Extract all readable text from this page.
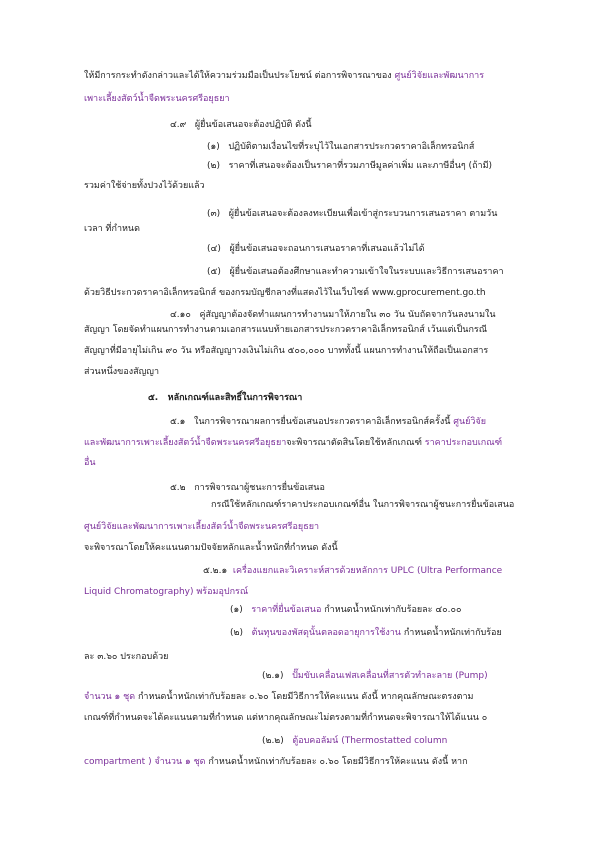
ให้มีการกระทำดังกล่าวและได้ให้ความร่วมมือเป็นประโยชน์ ต่อการพิจารณาของ ศูนย์วิจัยและพัฒนาการ
เพาะเลี้ยงสัตว์น้ำจืดพระนครศรีอยุธยา
๔.๙ ผู้ยื่นข้อเสนอจะต้องปฏิบัติ ดังนี้
(๑) ปฏิบัติตามเงื่อนไขที่ระบุไว้ในเอกสารประกวดราคาอิเล็กทรอนิกส์
(๒) ราคาที่เสนอจะต้องเป็นราคาที่รวมภาษีมูลค่าเพิ่ม และภาษีอื่นๆ (ถ้ามี)
รวมค่าใช้จ่ายทั้งปวงไว้ด้วยแล้ว
(๓) ผู้ยื่นข้อเสนอจะต้องลงทะเบียนเพื่อเข้าสู่กระบวนการเสนอราคา ตามวัน
เวลา ที่กำหนด
(๔) ผู้ยื่นข้อเสนอจะถอนการเสนอราคาที่เสนอแล้วไม่ได้
(๕) ผู้ยื่นข้อเสนอต้องศึกษาและทำความเข้าใจในระบบและวิธีการเสนอราคา
ด้วยวิธีประกวดราคาอิเล็กทรอนิกส์ ของกรมบัญชีกลางที่แสดงไว้ในเว็บไซต์ www.gprocurement.go.th
๔.๑๐ คู่สัญญาต้องจัดทำแผนการทำงานมาให้ภายใน ๓๐ วัน นับถัดจากวันลงนามใน
สัญญา โดยจัดทำแผนการทำงานตามเอกสารแนบท้ายเอกสารประกวดราคาอิเล็กทรอนิกส์ เว้นแต่เป็นกรณี
สัญญาที่มีอายุไม่เกิน ๙๐ วัน หรือสัญญาวงเงินไม่เกิน ๕๐๐,๐๐๐ บาททั้งนี้ แผนการทำงานให้ถือเป็นเอกสาร
ส่วนหนึ่งของสัญญา
๕. หลักเกณฑ์และสิทธิ์ในการพิจารณา
๕.๑ ในการพิจารณาผลการยื่นข้อเสนอประกวดราคาอิเล็กทรอนิกส์ครั้งนี้ ศูนย์วิจัย
และพัฒนาการเพาะเลี้ยงสัตว์น้ำจืดพระนครศรีอยุธยาจะพิจารณาตัดสินโดยใช้หลักเกณฑ์ ราคาประกอบเกณฑ์
อื่น
๕.๒ การพิจารณาผู้ชนะการยื่นข้อเสนอ
กรณีใช้หลักเกณฑ์ราคาประกอบเกณฑ์อื่น ในการพิจารณาผู้ชนะการยื่นข้อเสนอ
ศูนย์วิจัยและพัฒนาการเพาะเลี้ยงสัตว์น้ำจืดพระนครศรีอยุธยา
จะพิจารณาโดยให้คะแนนตามปัจจัยหลักและน้ำหนักที่กำหนด ดังนี้
๕.๒.๑ เครื่องแยกและวิเคราะห์สารด้วยหลักการ UPLC (Ultra Performance
Liquid Chromatography) พร้อมอุปกรณ์
(๑) ราคาที่ยื่นข้อเสนอ กำหนดน้ำหนักเท่ากับร้อยละ ๔๐.๐๐
(๒) ต้นทุนของพัสดุนั้นตลอดอายุการใช้งาน กำหนดน้ำหนักเท่ากับร้อย
ละ ๓.๖๐ ประกอบด้วย
(๒.๑) ปั๊มขับเคลื่อนเฟสเคลื่อนที่สารตัวทำละลาย (Pump)
จำนวน ๑ ชุด กำหนดน้ำหนักเท่ากับร้อยละ ๐.๖๐ โดยมีวิธีการให้คะแนน ดังนี้ หากคุณลักษณะตรงตาม
เกณฑ์ที่กำหนดจะได้คะแนนตามที่กำหนด แต่หากคุณลักษณะไม่ตรงตามที่กำหนดจะพิจารณาให้ได้แนน ๐
(๒.๒) ตู้อบคอลัมน์ (Thermostatted column
compartment ) จำนวน ๑ ชุด กำหนดน้ำหนักเท่ากับร้อยละ ๐.๖๐ โดยมีวิธีการให้คะแนน ดังนี้ หาก
